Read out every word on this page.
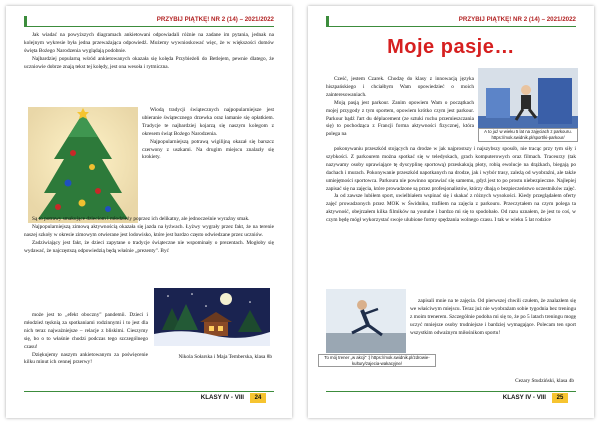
PRZYBIJ PIĄTKĘ! NR 2 (14) – 2021/2022

Jak wiadać na powyższych diagramach ankietowani odpowiadali różnie na zadane im pytania, jednak na kolejnym wykresie była jedna przeważająca odpowiedź. Możemy wywnioskować więc, że w większości domów święta Bożego Narodzenia wyglądają podobnie.

Najbardziej popularną wśród ankietowanych okazała się kolęda Przybieżeli do Betlejem, pewnie dlatego, że uczniowie dobrze znają tekst tej kolędy, jest ona wesoła i rytmiczna.

Wiodą tradycji świątecznych najpopularniejsze jest ubieranie świątecznego drzewka oraz łamanie się opłatkiem. Tradycje te najbardziej kojarzą się naszym kolegom z okresem świąt Bożego Narodzenia.

Najpopularniejszą potrawą wigilijną okazał się barszcz czerwony z uszkami. Na drugim miejscu znalazły się krokiety.

Są to potrawy smakujące dzieciom i młodzieży poprzez ich delikatny, ale jednocześnie wyraźny smak.

Najpopularniejszą zimową aktywnością okazała się jazda na łyżwach. Łyżwy wygrały przez fakt, że na terenie naszej szkoły w okresie zimowym otwierane jest lodowisko, które jest bardzo często odwiedzane przez uczniów.

Zadziwiający jest fakt, że dzieci zapytane o tradycje świąteczne nie wspominały o prezentach. Mogłoby się wydawać, że najczęstszą odpowiedzią będą właśnie „prezenty". Być

może jest to „efekt oboczny" pandemii. Dzieci i młodzież tęsknią za spotkaniami rodzinnymi i to jest dla nich teraz najważniejsze – relacje z bliskimi. Cieszymy się, bo o to właśnie chodzi podczas tego szczególnego czasu!

Dziękujemy naszym ankietowanym za poświęcenie kilku minut ich cennej przerwy!

Nikola Sołarska i Maja Temberska, klasa 8b
KLASY IV - VIII	24
PRZYBIJ PIĄTKĘ! NR 2 (14) – 2021/2022
Moje pasje…

Cześć, jestem Czarek. Chodzę do klasy z innowacją języka hiszpańskiego i chciałbym Wam opowiedzieć o moich zainteresowaniach.

Moją pasją jest parkour. Zanim opowiem Wam o początkach mojej przygody z tym sportem, opowiem krótko czym jest parkour. Parkour bądź l'art du déplacement (ze sztuki ruchu przemieszczania się) to pochodząca z Francji forma aktywności fizycznej, która polega na	A to już w wieku 5 lat na zajęciach z parkouru. https://mok.swidnik.pl/sport/ki-parkour/

pokonywaniu przeszkód stojących na drodze w jak najprostszy i najszybszy sposób, nie tracąc przy tym siły i szybkości. Z parkourem można spotkać się w teledyskach, grach komputerowych oraz filmach. Traceurzy (tak nazywamy osoby uprawiające tę dyscyplinę sportową) przeskakują płoty, robią ewolucje na drążkach, biegają po dachach i murach. Pokonywanie przeszkód napotkanych na drodze, jak i wybór trasy, zależą od wyobraźni, ale także umiejętności sportowca. Parkoura nie powinno uprawiać się samemu, gdyż jest to po prostu niebezpieczne. Najlepiej zapisać się na zajęcia, które prowadzone są przez profesjonalistów, którzy dbają o bezpieczeństwo uczestników zajęć.

Ja od zawsze lubiłem sport, uwielbiałem wspinać się i skakać z różnych wysokości. Kiedy przeglądałem oferty zajęć prowadzonych przez MOK w Świdniku, trafiłem na zajęcia z parkouru. Przeczytałem na czym polega ta aktywność, obejrzałem kilka filmików na youtube i bardzo mi się to spodobało. Od razu uznałem, że jest to coś, w czym będę mógł wykorzystać swoje ulubione formy spędzania wolnego czasu. I tak w wieku 5 lat rodzice

To mój trener „w akcji" :) https://mok.swidnik.pl/zdrowie-kultury/zajecia-wakacyjne/

zapisali mnie na te zajęcia. Od pierwszej chwili czułem, że znalazłem się we właściwym miejscu. Teraz już nie wyobrażam sobie tygodnia bez treningu z moim trenerem. Szczególnie podoba mi się to, że po 5 latach treningu mogę uczyć mniejsze osoby trudniejsze i bardziej wymagające. Polecam ten sport wszystkim odważnym miłośnikom sportu!

Cezary Studziński, klasa 4b
KLASY IV - VIII	25
